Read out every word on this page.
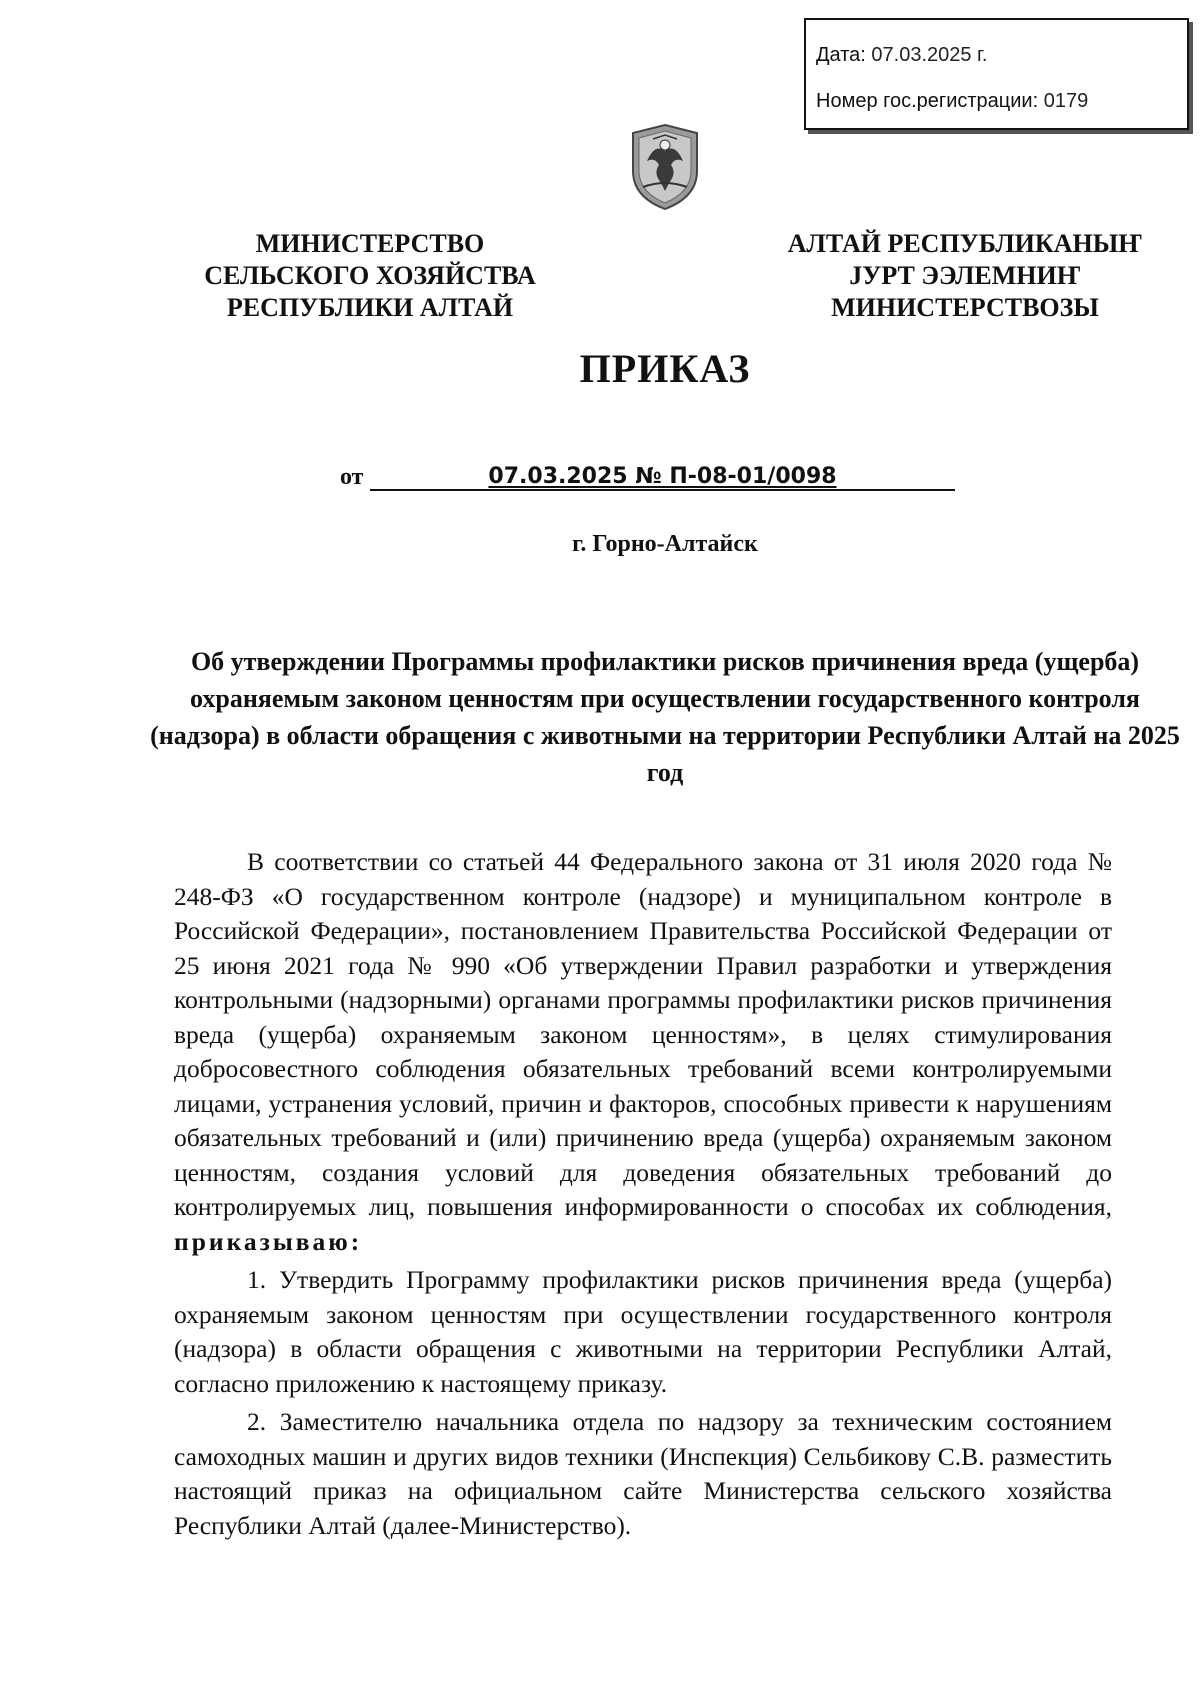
Дата: 07.03.2025 г.
Номер гос.регистрации: 0179
МИНИСТЕРСТВО
СЕЛЬСКОГО ХОЗЯЙСТВА
РЕСПУБЛИКИ АЛТАЙ
АЛТАЙ РЕСПУБЛИКАНЫҤ
ЈУРТ ЭЭЛЕМНИҤ
МИНИСТЕРСТВОЗЫ
ПРИКАЗ
от	07.03.2025 № П-08-01/0098
г. Горно-Алтайск
Об утверждении Программы профилактики рисков причинения вреда (ущерба) охраняемым законом ценностям при осуществлении государственного контроля (надзора) в области обращения с животными на территории Республики Алтай на 2025 год

В соответствии со статьей 44 Федерального закона от 31 июля 2020 года № 248-ФЗ «О государственном контроле (надзоре) и муниципальном контроле в Российской Федерации», постановлением Правительства Российской Федерации от 25 июня 2021 года № 990 «Об утверждении Правил разработки и утверждения контрольными (надзорными) органами программы профилактики рисков причинения вреда (ущерба) охраняемым законом ценностям», в целях стимулирования добросовестного соблюдения обязательных требований всеми контролируемыми лицами, устранения условий, причин и факторов, способных привести к нарушениям обязательных требований и (или) причинению вреда (ущерба) охраняемым законом ценностям, создания условий для доведения обязательных требований до контролируемых лиц, повышения информированности о способах их соблюдения, приказываю:

1. Утвердить Программу профилактики рисков причинения вреда (ущерба) охраняемым законом ценностям при осуществлении государственного контроля (надзора) в области обращения с животными на территории Республики Алтай, согласно приложению к настоящему приказу.

2. Заместителю начальника отдела по надзору за техническим состоянием самоходных машин и других видов техники (Инспекция) Сельбикову С.В. разместить настоящий приказ на официальном сайте Министерства сельского хозяйства Республики Алтай (далее-Министерство).
